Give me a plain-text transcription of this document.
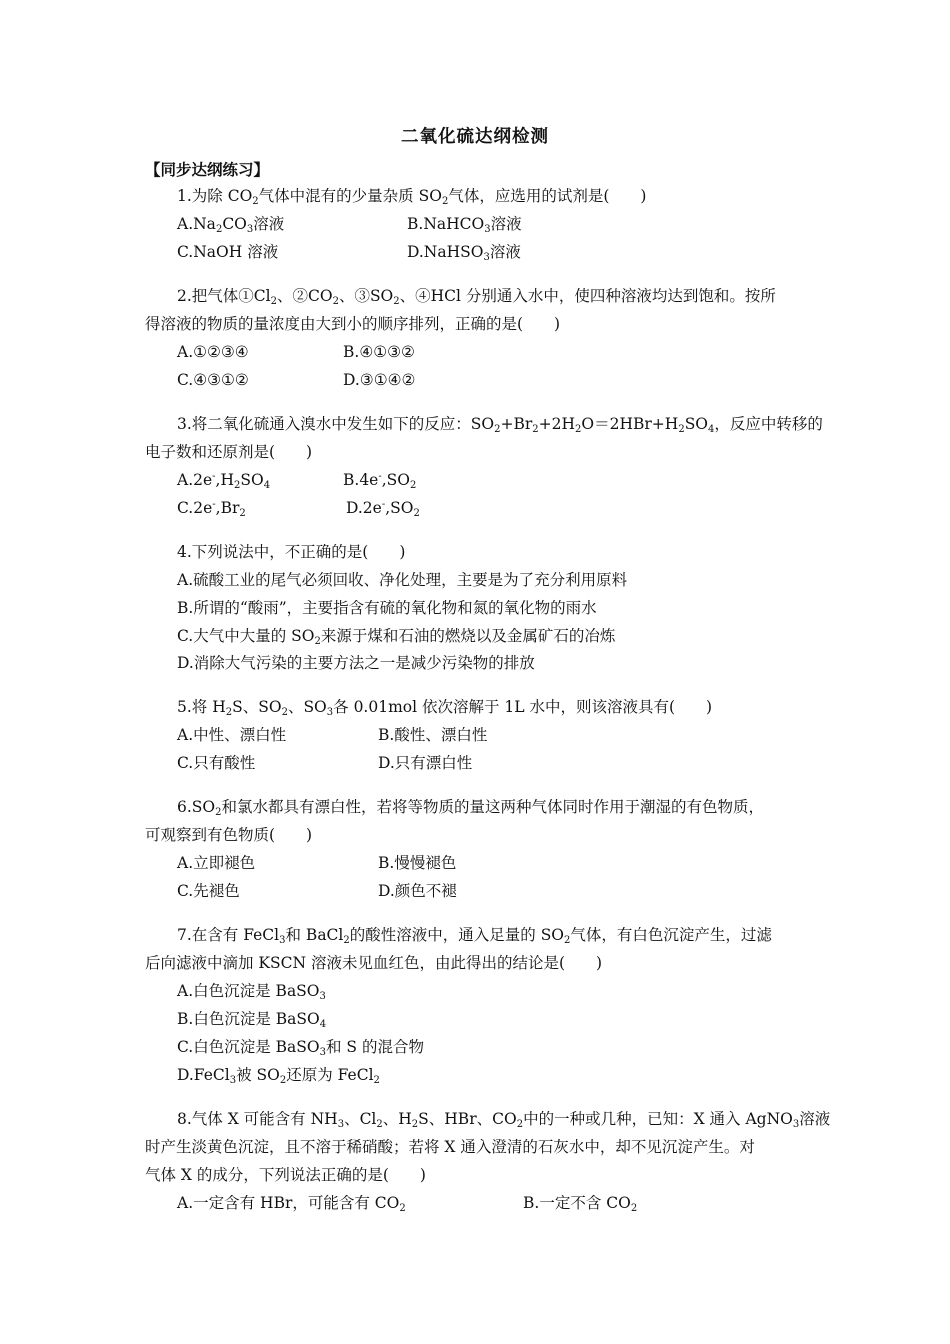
二氧化硫达纲检测
【同步达纲练习】
1.为除 $CO_2$气体中混有的少量杂质 $SO_2$气体，应选用的试剂是(　　)
$A.Na_2CO_3$溶液	B.NaHCO$_3$溶液
C.NaOH 溶液	D.NaHSO$_3$溶液
2.把气体$①Cl_2$、$②CO_2$、$③SO_2$、④HCl 分别通入水中，使四种溶液均达到饱和。按所
得溶液的物质的量浓度由大到小的顺序排列，正确的是(　　)
A.①②③④	B.④①③②
C.④③①②	D.③①④②
3.将二氧化硫通入溴水中发生如下的反应：$SO_2+Br_2+2H_2O=2HBr+H_2SO_4$，反应中转移的
电子数和还原剂是(　　)
$A.2e^-,H_2SO_4$	$B.4e^-,SO_2$
$C.2e^-,Br_2$	$D.2e^-,SO_2$
4.下列说法中，不正确的是(　　)
A.硫酸工业的尾气必须回收、净化处理，主要是为了充分利用原料
B.所谓的“酸雨”，主要指含有硫的氧化物和氮的氧化物的雨水
C.大气中大量的 $SO_2$来源于煤和石油的燃烧以及金属矿石的冶炼
D.消除大气污染的主要方法之一是减少污染物的排放
5.将 $H_2S$、$SO_2$、$SO_3$各 0.01mol 依次溶解于 1L 水中，则该溶液具有(　　)
A.中性、漂白性	B.酸性、漂白性
C.只有酸性	D.只有漂白性
$6.SO_2$和氯水都具有漂白性，若将等物质的量这两种气体同时作用于潮湿的有色物质，
可观察到有色物质(　　)
A.立即褪色	B.慢慢褪色
C.先褪色	D.颜色不褪
7.在含有 FeCl$_3$和 BaCl$_2$的酸性溶液中，通入足量的 $SO_2$气体，有白色沉淀产生，过滤
后向滤液中滴加 KSCN 溶液未见血红色，由此得出的结论是(　　)
A.白色沉淀是 BaSO$_3$
B.白色沉淀是 BaSO$_4$
C.白色沉淀是 BaSO$_3$和 S 的混合物
D.FeCl$_3$被 $SO_2$还原为 FeCl$_2$
8.气体 X 可能含有 $NH_3$、$Cl_2$、$H_2S$、HBr、$CO_2$中的一种或几种，已知：X 通入 AgNO$_3$溶液
时产生淡黄色沉淀，且不溶于稀硝酸；若将 X 通入澄清的石灰水中，却不见沉淀产生。对
气体 X 的成分，下列说法正确的是(　　)
A.一定含有 HBr，可能含有 $CO_2$	B.一定不含 $CO_2$
